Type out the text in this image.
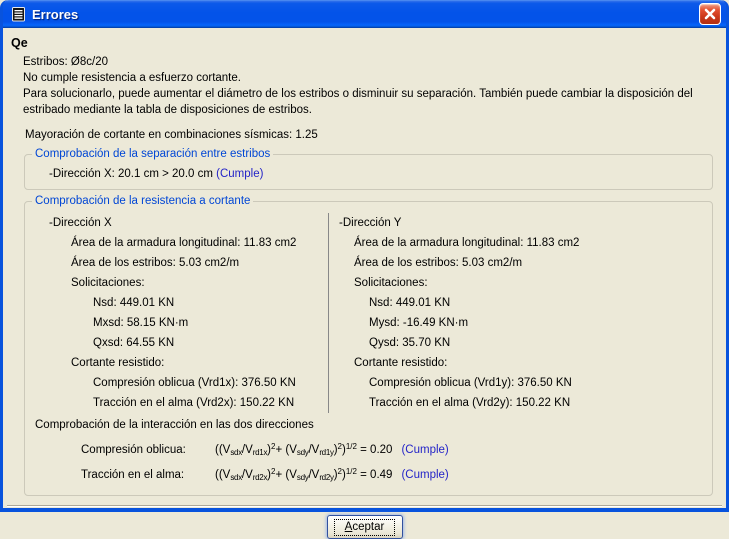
Errores
Qe
Estribos: Ø8c/20
No cumple resistencia a esfuerzo cortante.
Para solucionarlo, puede aumentar el diámetro de los estribos o disminuir su separación. También puede cambiar la disposición del estribado mediante la tabla de disposiciones de estribos.
Mayoración de cortante en combinaciones sísmicas: 1.25
Comprobación de la separación entre estribos
-Dirección X: 20.1 cm > 20.0 cm (Cumple)
Comprobación de la resistencia a cortante
-Dirección X
Área de la armadura longitudinal: 11.83 cm2
Área de los estribos: 5.03 cm2/m
Solicitaciones:
Nsd: 449.01 KN
Mxsd: 58.15 KN·m
Qxsd: 64.55 KN
Cortante resistido:
Compresión oblicua (Vrd1x): 376.50 KN
Tracción en el alma (Vrd2x): 150.22 KN
-Dirección Y
Área de la armadura longitudinal: 11.83 cm2
Área de los estribos: 5.03 cm2/m
Solicitaciones:
Nsd: 449.01 KN
Mysd: -16.49 KN·m
Qysd: 35.70 KN
Cortante resistido:
Compresión oblicua (Vrd1y): 376.50 KN
Tracción en el alma (Vrd2y): 150.22 KN
Comprobación de la interacción en las dos direcciones
Compresión oblicua:	$((V_{sdx}/V_{rd1x})^2+ (V_{sdy}/V_{rd1y})^2)^{1/2} = 0.20$ (Cumple)
Tracción en el alma:	$((V_{sdx}/V_{rd2x})^2+ (V_{sdy}/V_{rd2y})^2)^{1/2} = 0.49$ (Cumple)
Aceptar
